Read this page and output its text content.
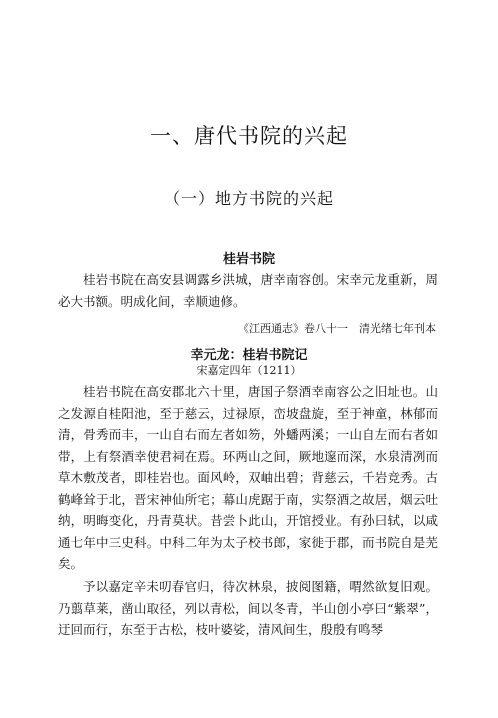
一、唐代书院的兴起
（一）地方书院的兴起
桂岩书院

桂岩书院在高安县调露乡洪城，唐幸南容创。宋幸元龙重新，周必大书额。明成化间，幸顺迪修。

《江西通志》卷八十一　清光绪七年刊本
幸元龙：桂岩书院记
宋嘉定四年（1211）

桂岩书院在高安郡北六十里，唐国子祭酒幸南容公之旧址也。山之发源自桂阳池，至于慈云，过禄原，峦坡盘旋，至于神童，林郁而清，骨秀而丰，一山自右而左者如笏，外蟠两溪；一山自左而右者如带，上有祭酒幸使君祠在焉。环两山之间，厥地邃而深，水泉清冽而草木敷茂者，即桂岩也。面风岭，双岫出碧；背慈云，千岩竞秀。古鹤峰耸于北，晋宋神仙所宅；幕山虎踞于南，实祭酒之故居，烟云吐纳，明晦变化，丹青莫状。昔尝卜此山，开馆授业。有孙曰轼，以咸通七年中三史科。中科二年为太子校书郎，家徙于郡，而书院自是芜矣。

予以嘉定辛未叨春官归，待次林泉，披阅图籍，喟然欲复旧观。乃翦草莱，凿山取径，列以青松，间以冬青，半山创小亭曰“紫翠”，迂回而行，东至于古松，枝叶婆娑，清风间生，殷殷有鸣琴
